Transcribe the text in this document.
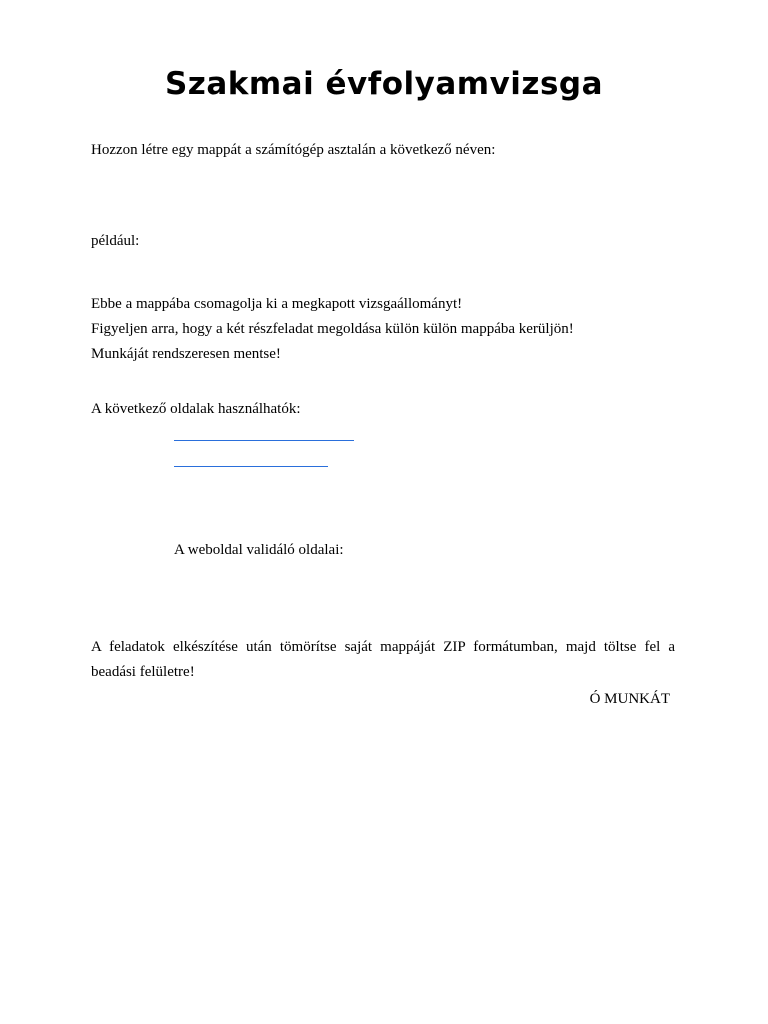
Szakmai évfolyamvizsga

Hozzon létre egy mappát a számítógép asztalán a következő néven:

például:

Ebbe a mappába csomagolja ki a megkapott vizsgaállományt!

Figyeljen arra, hogy a két részfeladat megoldása külön külön mappába kerüljön!

Munkáját rendszeresen mentse!

A következő oldalak használhatók:

A weboldal validáló oldalai:

A feladatok elkészítése után tömörítse saját mappáját ZIP formátumban, majd töltse fel a
beadási felületre!

Ó MUNKÁT
